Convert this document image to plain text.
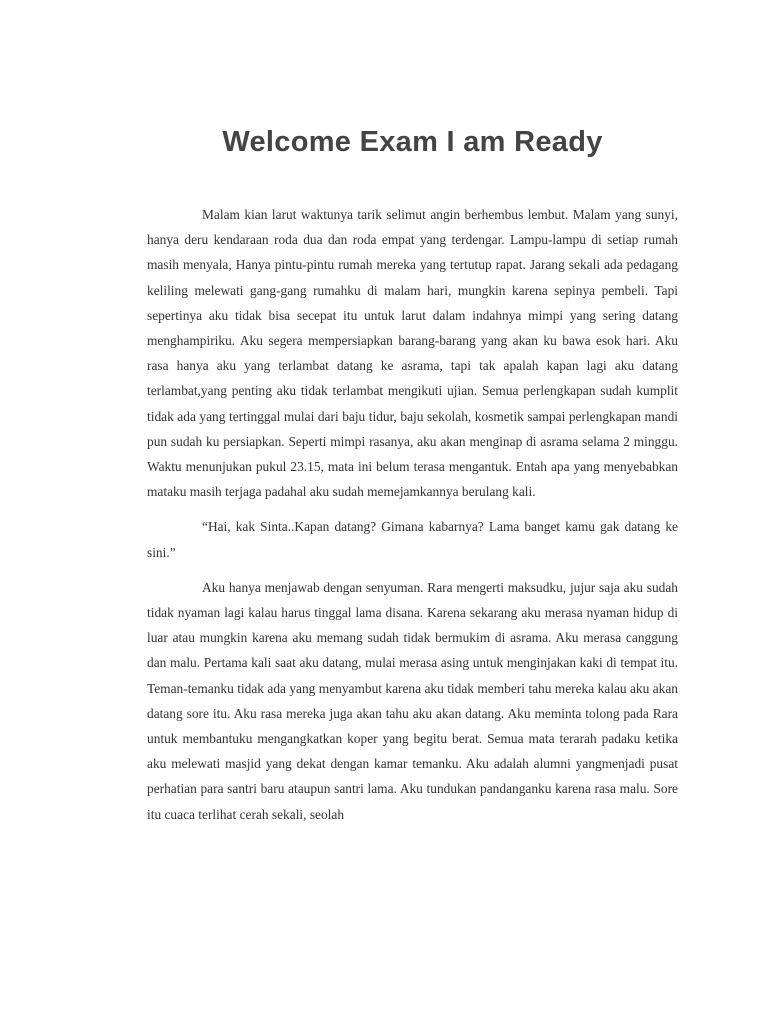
Welcome Exam I am Ready

Malam kian larut waktunya tarik selimut angin berhembus lembut. Malam yang sunyi, hanya deru kendaraan roda dua dan roda empat yang terdengar. Lampu-lampu di setiap rumah masih menyala, Hanya pintu-pintu rumah mereka yang tertutup rapat. Jarang sekali ada pedagang keliling melewati gang-gang rumahku di malam hari, mungkin karena sepinya pembeli. Tapi sepertinya aku tidak bisa secepat itu untuk larut dalam indahnya mimpi yang sering datang menghampiriku. Aku segera mempersiapkan barang-barang yang akan ku bawa esok hari. Aku rasa hanya aku yang terlambat datang ke asrama, tapi tak apalah kapan lagi aku datang terlambat,yang penting aku tidak terlambat mengikuti ujian. Semua perlengkapan sudah kumplit tidak ada yang tertinggal mulai dari baju tidur, baju sekolah, kosmetik sampai perlengkapan mandi pun sudah ku persiapkan. Seperti mimpi rasanya, aku akan menginap di asrama selama 2 minggu. Waktu menunjukan pukul 23.15, mata ini belum terasa mengantuk. Entah apa yang menyebabkan mataku masih terjaga padahal aku sudah memejamkannya berulang kali.

“Hai, kak Sinta..Kapan datang? Gimana kabarnya? Lama banget kamu gak datang ke sini.”

Aku hanya menjawab dengan senyuman. Rara mengerti maksudku, jujur saja aku sudah tidak nyaman lagi kalau harus tinggal lama disana. Karena sekarang aku merasa nyaman hidup di luar atau mungkin karena aku memang sudah tidak bermukim di asrama. Aku merasa canggung dan malu. Pertama kali saat aku datang, mulai merasa asing untuk menginjakan kaki di tempat itu. Teman-temanku tidak ada yang menyambut karena aku tidak memberi tahu mereka kalau aku akan datang sore itu. Aku rasa mereka juga akan tahu aku akan datang. Aku meminta tolong pada Rara untuk membantuku mengangkatkan koper yang begitu berat. Semua mata terarah padaku ketika aku melewati masjid yang dekat dengan kamar temanku. Aku adalah alumni yangmenjadi pusat perhatian para santri baru ataupun santri lama. Aku tundukan pandanganku karena rasa malu. Sore itu cuaca terlihat cerah sekali, seolah
